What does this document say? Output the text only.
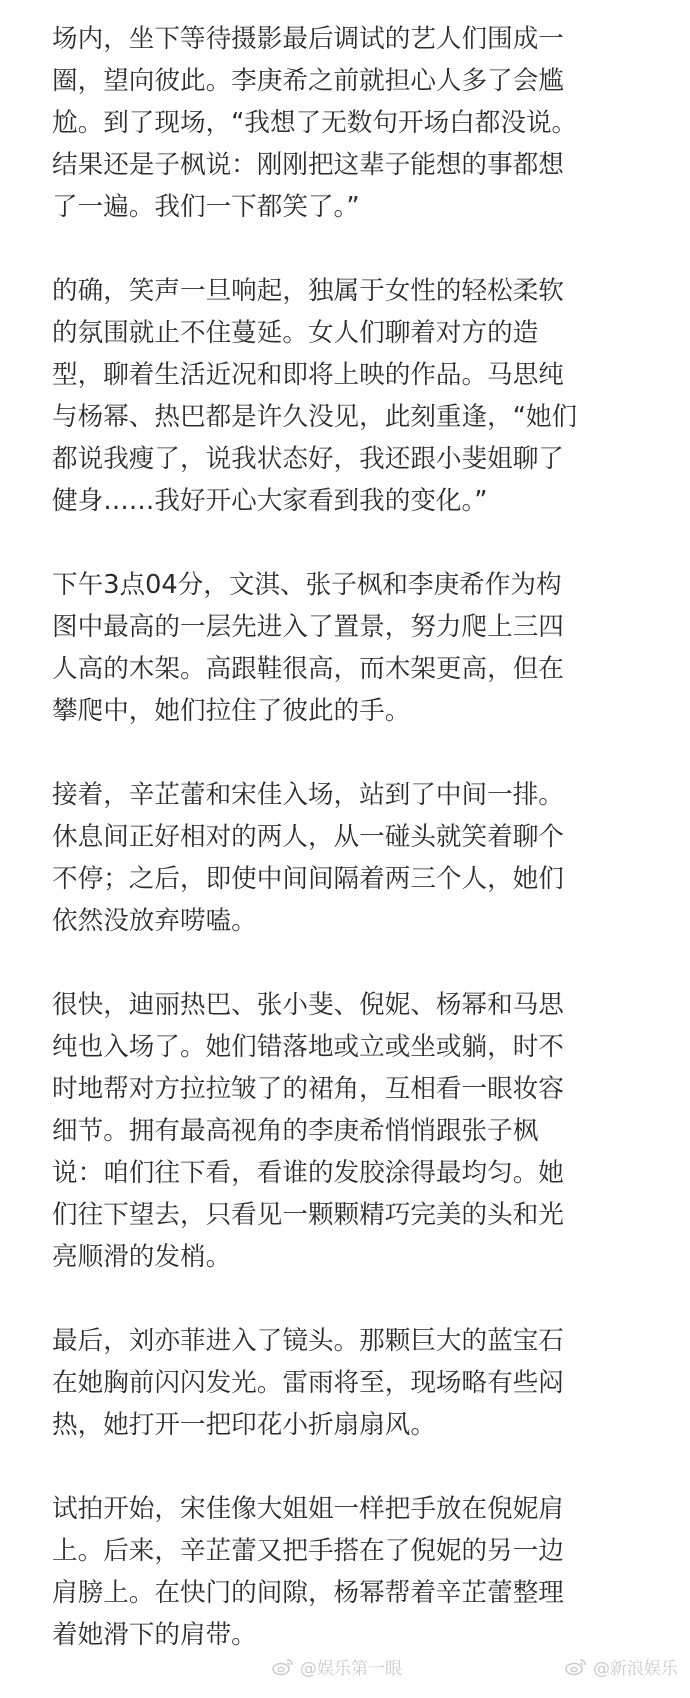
场内，坐下等待摄影最后调试的艺人们围成一
圈，望向彼此。李庚希之前就担心人多了会尴
尬。到了现场，“我想了无数句开场白都没说。
结果还是子枫说：刚刚把这辈子能想的事都想
了一遍。我们一下都笑了。”

的确，笑声一旦响起，独属于女性的轻松柔软
的氛围就止不住蔓延。女人们聊着对方的造
型，聊着生活近况和即将上映的作品。马思纯
与杨幂、热巴都是许久没见，此刻重逢，“她们
都说我瘦了，说我状态好，我还跟小斐姐聊了
健身……我好开心大家看到我的变化。”

下午3点04分，文淇、张子枫和李庚希作为构
图中最高的一层先进入了置景，努力爬上三四
人高的木架。高跟鞋很高，而木架更高，但在
攀爬中，她们拉住了彼此的手。

接着，辛芷蕾和宋佳入场，站到了中间一排。
休息间正好相对的两人，从一碰头就笑着聊个
不停；之后，即使中间间隔着两三个人，她们
依然没放弃唠嗑。

很快，迪丽热巴、张小斐、倪妮、杨幂和马思
纯也入场了。她们错落地或立或坐或躺，时不
时地帮对方拉拉皱了的裙角，互相看一眼妆容
细节。拥有最高视角的李庚希悄悄跟张子枫
说：咱们往下看，看谁的发胶涂得最均匀。她
们往下望去，只看见一颗颗精巧完美的头和光
亮顺滑的发梢。

最后，刘亦菲进入了镜头。那颗巨大的蓝宝石
在她胸前闪闪发光。雷雨将至，现场略有些闷
热，她打开一把印花小折扇扇风。

试拍开始，宋佳像大姐姐一样把手放在倪妮肩
上。后来，辛芷蕾又把手搭在了倪妮的另一边
肩膀上。在快门的间隙，杨幂帮着辛芷蕾整理
着她滑下的肩带。

@娱乐第一眼	@新浪娱乐
